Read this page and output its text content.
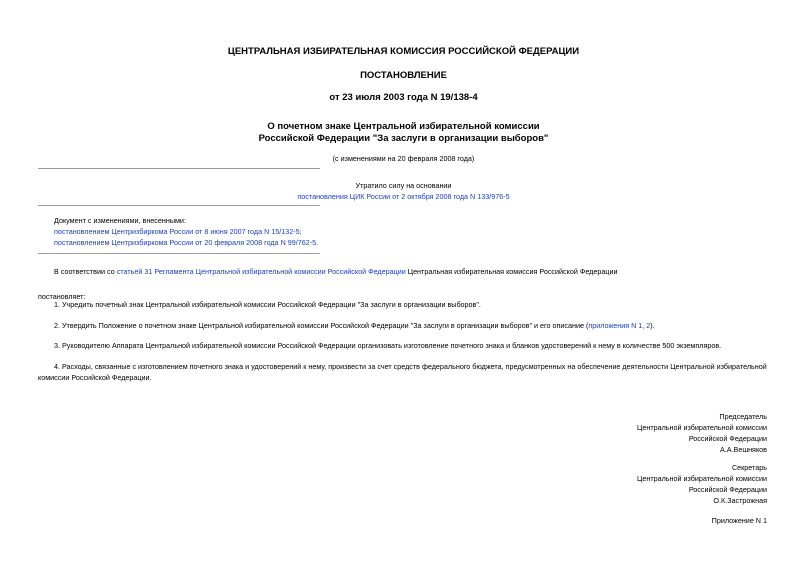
ЦЕНТРАЛЬНАЯ ИЗБИРАТЕЛЬНАЯ КОМИССИЯ РОССИЙСКОЙ ФЕДЕРАЦИИ
ПОСТАНОВЛЕНИЕ
от 23 июля 2003 года N 19/138-4
О почетном знаке Центральной избирательной комиссии
Российской Федерации "За заслуги в организации выборов"
(с изменениями на 20 февраля 2008 года)
Утратило силу на основании
постановления ЦИК России от 2 октября 2008 года N 133/976-5
Документ с изменениями, внесенными:
постановлением Центризбиркома России от 8 июня 2007 года N 15/132-5;
постановлением Центризбиркома России от 20 февраля 2008 года N 99/762-5.
В соответствии со статьей 31 Регламента Центральной избирательной комиссии Российской Федерации Центральная избирательная комиссия Российской Федерации
постановляет:
1. Учредить почетный знак Центральной избирательной комиссии Российской Федерации "За заслуги в организации выборов".
2. Утвердить Положение о почетном знаке Центральной избирательной комиссии Российской Федерации "За заслуги в организации выборов" и его описание (приложения N 1, 2).
3. Руководителю Аппарата Центральной избирательной комиссии Российской Федерации организовать изготовление почетного знака и бланков удостоверений к нему в количестве 500 экземпляров.
4. Расходы, связанные с изготовлением почетного знака и удостоверений к нему, произвести за счет средств федерального бюджета, предусмотренных на обеспечение деятельности Центральной избирательной комиссии Российской Федерации.
Председатель
Центральной избирательной комиссии
Российской Федерации
А.А.Вешняков
Секретарь
Центральной избирательной комиссии
Российской Федерации
О.К.Застрожная
Приложение N 1
